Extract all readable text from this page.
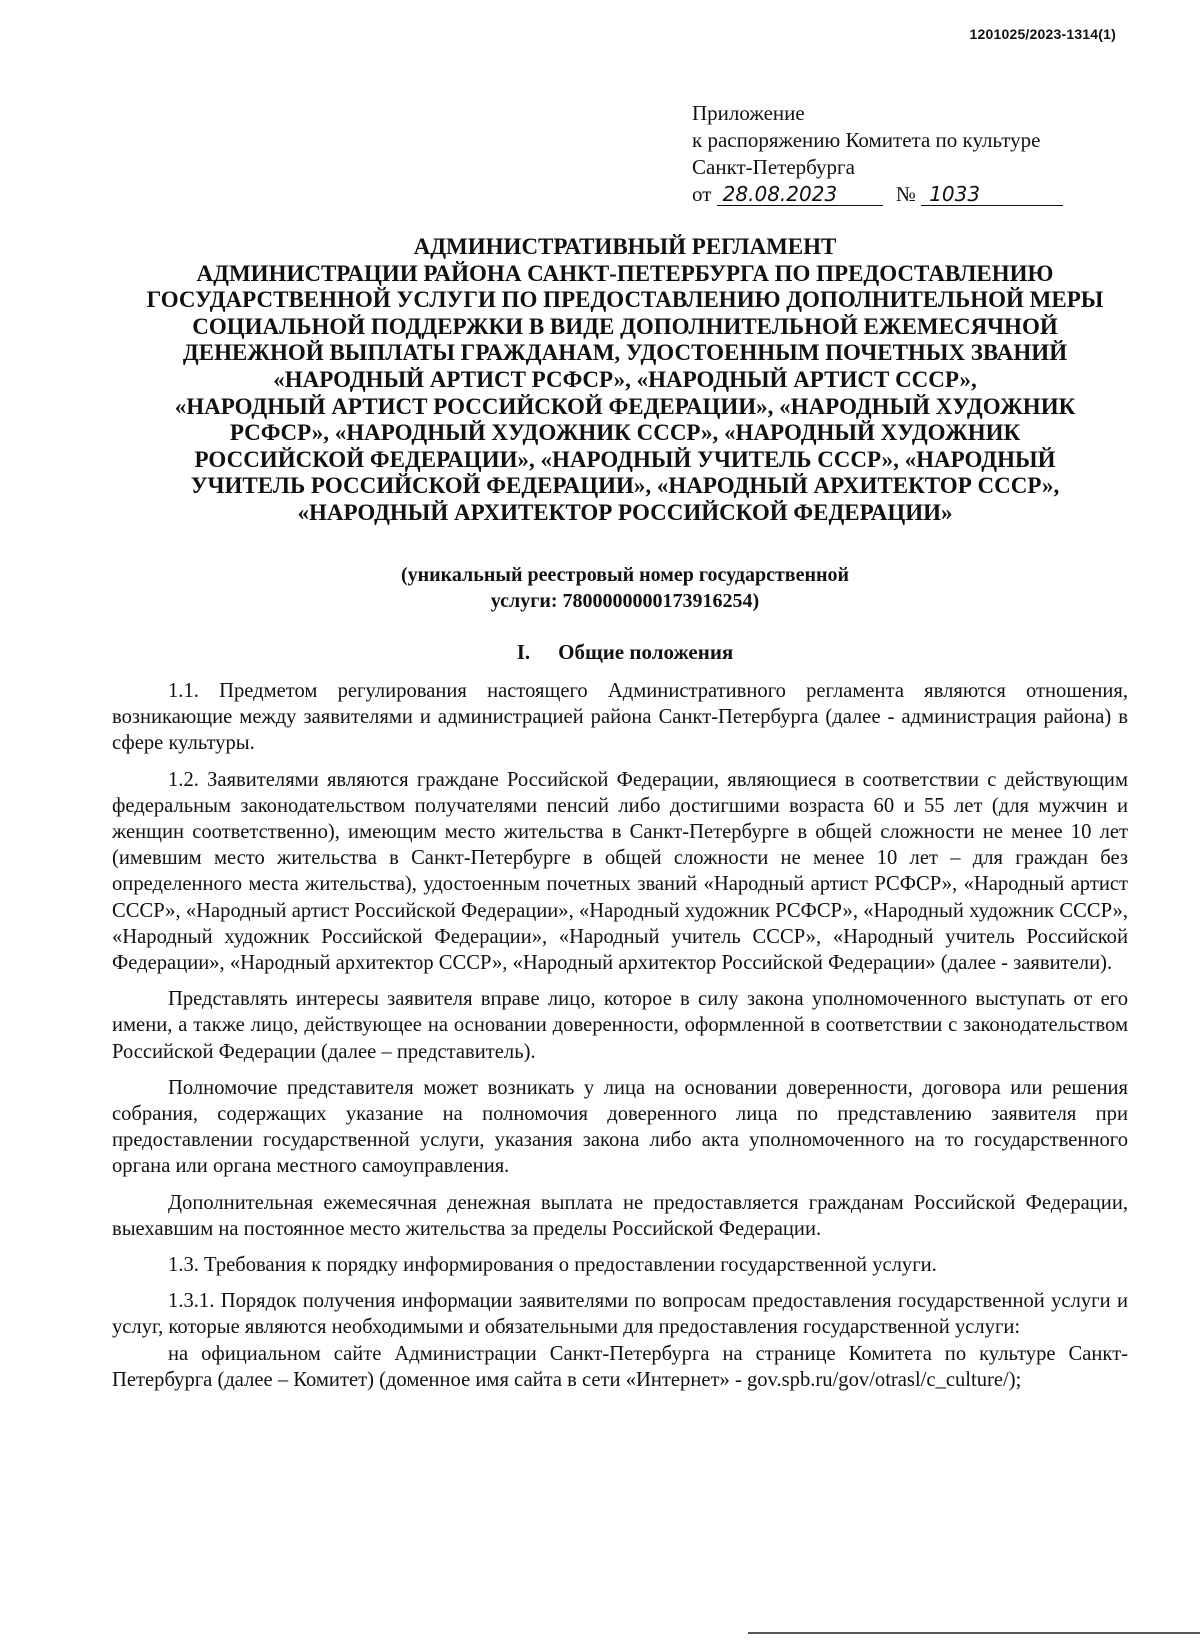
1201025/2023-1314(1)
Приложение
к распоряжению Комитета по культуре
Санкт-Петербурга
от 28.08.2023	№ 1033
АДМИНИСТРАТИВНЫЙ РЕГЛАМЕНТ
АДМИНИСТРАЦИИ РАЙОНА САНКТ-ПЕТЕРБУРГА ПО ПРЕДОСТАВЛЕНИЮ
ГОСУДАРСТВЕННОЙ УСЛУГИ ПО ПРЕДОСТАВЛЕНИЮ ДОПОЛНИТЕЛЬНОЙ МЕРЫ
СОЦИАЛЬНОЙ ПОДДЕРЖКИ В ВИДЕ ДОПОЛНИТЕЛЬНОЙ ЕЖЕМЕСЯЧНОЙ
ДЕНЕЖНОЙ ВЫПЛАТЫ ГРАЖДАНАМ, УДОСТОЕННЫМ ПОЧЕТНЫХ ЗВАНИЙ
«НАРОДНЫЙ АРТИСТ РСФСР», «НАРОДНЫЙ АРТИСТ СССР»,
«НАРОДНЫЙ АРТИСТ РОССИЙСКОЙ ФЕДЕРАЦИИ», «НАРОДНЫЙ ХУДОЖНИК
РСФСР», «НАРОДНЫЙ ХУДОЖНИК СССР», «НАРОДНЫЙ ХУДОЖНИК
РОССИЙСКОЙ ФЕДЕРАЦИИ», «НАРОДНЫЙ УЧИТЕЛЬ СССР», «НАРОДНЫЙ
УЧИТЕЛЬ РОССИЙСКОЙ ФЕДЕРАЦИИ», «НАРОДНЫЙ АРХИТЕКТОР СССР»,
«НАРОДНЫЙ АРХИТЕКТОР РОССИЙСКОЙ ФЕДЕРАЦИИ»
(уникальный реестровый номер государственной
услуги: 7800000000173916254)
I. Общие положения

1.1. Предметом регулирования настоящего Административного регламента являются отношения, возникающие между заявителями и администрацией района Санкт-Петербурга (далее - администрация района) в сфере культуры.

1.2. Заявителями являются граждане Российской Федерации, являющиеся в соответствии с действующим федеральным законодательством получателями пенсий либо достигшими возраста 60 и 55 лет (для мужчин и женщин соответственно), имеющим место жительства в Санкт-Петербурге в общей сложности не менее 10 лет (имевшим место жительства в Санкт-Петербурге в общей сложности не менее 10 лет – для граждан без определенного места жительства), удостоенным почетных званий «Народный артист РСФСР», «Народный артист СССР», «Народный артист Российской Федерации», «Народный художник РСФСР», «Народный художник СССР», «Народный художник Российской Федерации», «Народный учитель СССР», «Народный учитель Российской Федерации», «Народный архитектор СССР», «Народный архитектор Российской Федерации» (далее - заявители).

Представлять интересы заявителя вправе лицо, которое в силу закона уполномоченного выступать от его имени, а также лицо, действующее на основании доверенности, оформленной в соответствии с законодательством Российской Федерации (далее – представитель).

Полномочие представителя может возникать у лица на основании доверенности, договора или решения собрания, содержащих указание на полномочия доверенного лица по представлению заявителя при предоставлении государственной услуги, указания закона либо акта уполномоченного на то государственного органа или органа местного самоуправления.

Дополнительная ежемесячная денежная выплата не предоставляется гражданам Российской Федерации, выехавшим на постоянное место жительства за пределы Российской Федерации.

1.3. Требования к порядку информирования о предоставлении государственной услуги.

1.3.1. Порядок получения информации заявителями по вопросам предоставления государственной услуги и услуг, которые являются необходимыми и обязательными для предоставления государственной услуги:

на официальном сайте Администрации Санкт-Петербурга на странице Комитета по культуре Санкт-Петербурга (далее – Комитет) (доменное имя сайта в сети «Интернет» - gov.spb.ru/gov/otrasl/c_culture/);
